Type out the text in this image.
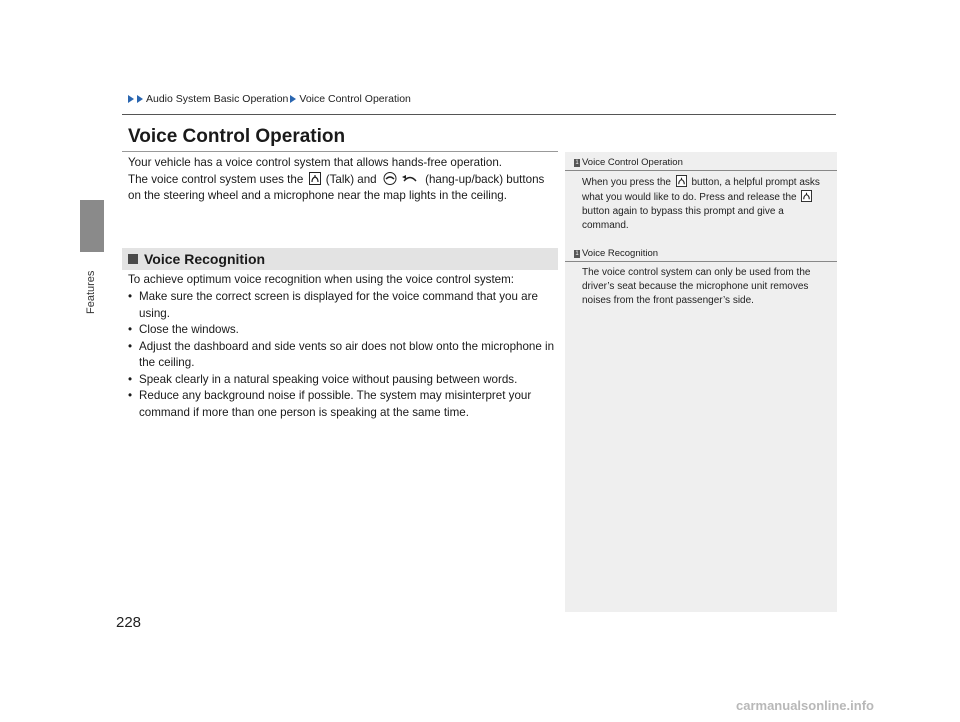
Features
Audio System Basic Operation Voice Control Operation
Voice Control Operation

Your vehicle has a voice control system that allows hands-free operation.
The voice control system uses the  (Talk) and	(hang-up/back) buttons on the steering wheel and a microphone near the map lights in the ceiling.

Voice Recognition

To achieve optimum voice recognition when using the voice control system:

• Make sure the correct screen is displayed for the voice command that you are using.
• Close the windows.
• Adjust the dashboard and side vents so air does not blow onto the microphone in the ceiling.
• Speak clearly in a natural speaking voice without pausing between words.
• Reduce any background noise if possible. The system may misinterpret your command if more than one person is speaking at the same time.
1 Voice Control Operation

When you press the  button, a helpful prompt asks what you would like to do. Press and release the  button again to bypass this prompt and give a command.

1 Voice Recognition

The voice control system can only be used from the driver’s seat because the microphone unit removes noises from the front passenger’s side.

228
carmanualsonline.info
